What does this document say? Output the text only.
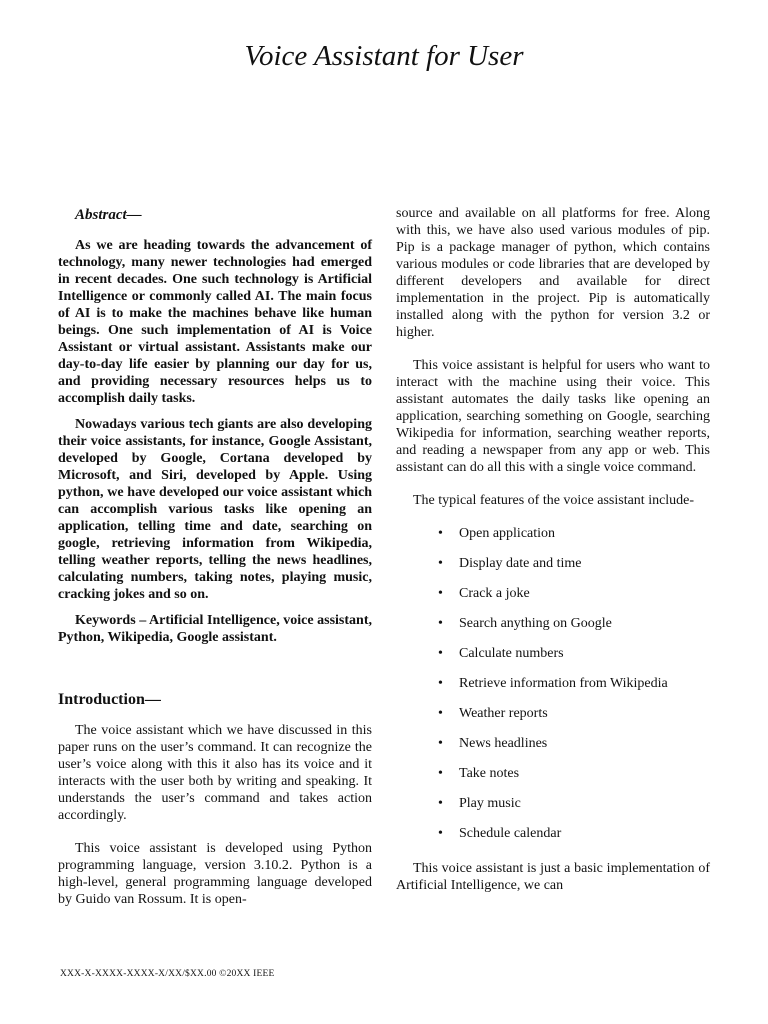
Voice Assistant for User
Abstract—

As we are heading towards the advancement of technology, many newer technologies had emerged in recent decades. One such technology is Artificial Intelligence or commonly called AI. The main focus of AI is to make the machines behave like human beings. One such implementation of AI is Voice Assistant or virtual assistant. Assistants make our day-to-day life easier by planning our day for us, and providing necessary resources helps us to accomplish daily tasks.

Nowadays various tech giants are also developing their voice assistants, for instance, Google Assistant, developed by Google, Cortana developed by Microsoft, and Siri, developed by Apple. Using python, we have developed our voice assistant which can accomplish various tasks like opening an application, telling time and date, searching on google, retrieving information from Wikipedia, telling weather reports, telling the news headlines, calculating numbers, taking notes, playing music, cracking jokes and so on.

Keywords – Artificial Intelligence, voice assistant, Python, Wikipedia, Google assistant.

Introduction—

The voice assistant which we have discussed in this paper runs on the user’s command. It can recognize the user’s voice along with this it also has its voice and it interacts with the user both by writing and speaking. It understands the user’s command and takes action accordingly.

This voice assistant is developed using Python programming language, version 3.10.2. Python is a high-level, general programming language developed by Guido van Rossum. It is open-

source and available on all platforms for free. Along with this, we have also used various modules of pip. Pip is a package manager of python, which contains various modules or code libraries that are developed by different developers and available for direct implementation in the project. Pip is automatically installed along with the python for version 3.2 or higher.

This voice assistant is helpful for users who want to interact with the machine using their voice. This assistant automates the daily tasks like opening an application, searching something on Google, searching Wikipedia for information, searching weather reports, and reading a newspaper from any app or web. This assistant can do all this with a single voice command.

The typical features of the voice assistant include-

• Open application
• Display date and time
• Crack a joke
• Search anything on Google
• Calculate numbers
• Retrieve information from Wikipedia
• Weather reports
• News headlines
• Take notes
• Play music
• Schedule calendar

This voice assistant is just a basic implementation of Artificial Intelligence, we can

XXX-X-XXXX-XXXX-X/XX/$XX.00 ©20XX IEEE
